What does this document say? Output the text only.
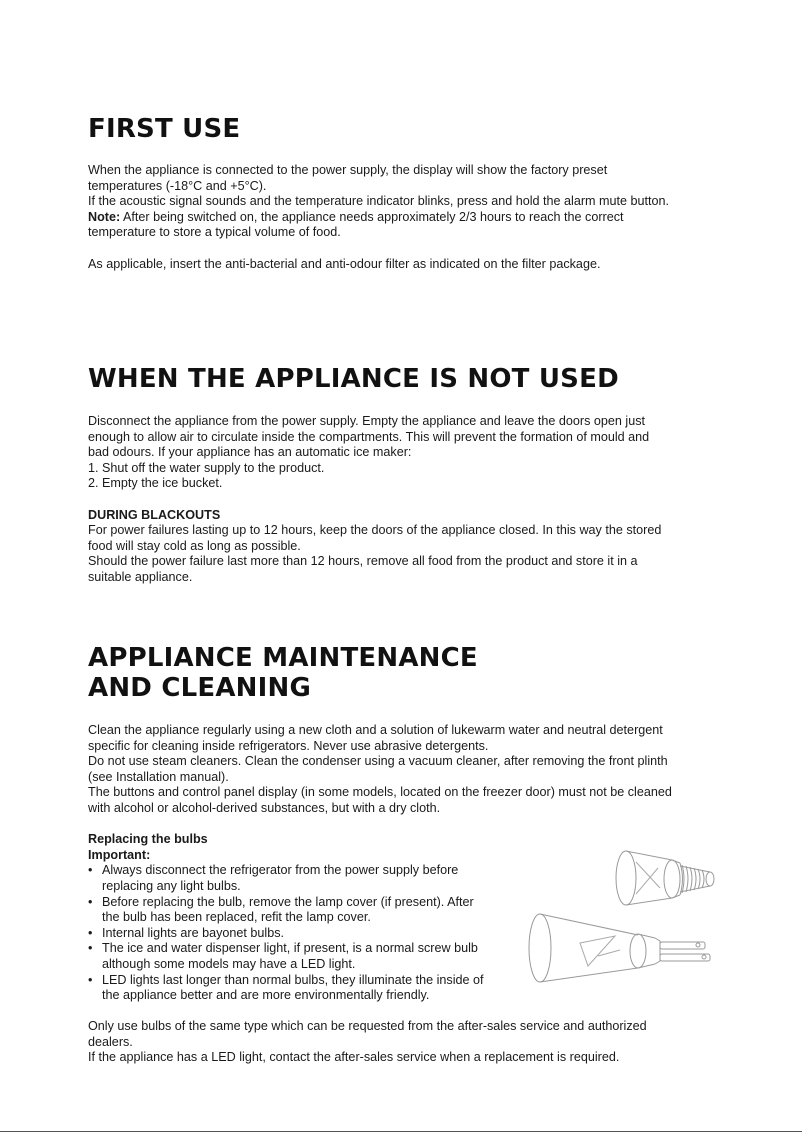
FIRST USE

When the appliance is connected to the power supply, the display will show the factory preset

temperatures (-18°C and +5°C).

If the acoustic signal sounds and the temperature indicator blinks, press and hold the alarm mute button.

Note: After being switched on, the appliance needs approximately 2/3 hours to reach the correct

temperature to store a typical volume of food.

As applicable, insert the anti-bacterial and anti-odour filter as indicated on the filter package.

WHEN THE APPLIANCE IS NOT USED

Disconnect the appliance from the power supply. Empty the appliance and leave the doors open just

enough to allow air to circulate inside the compartments. This will prevent the formation of mould and

bad odours. If your appliance has an automatic ice maker:

1. Shut off the water supply to the product.

2. Empty the ice bucket.

DURING BLACKOUTS

For power failures lasting up to 12 hours, keep the doors of the appliance closed. In this way the stored

food will stay cold as long as possible.

Should the power failure last more than 12 hours, remove all food from the product and store it in a

suitable appliance.

APPLIANCE MAINTENANCE
AND CLEANING

Clean the appliance regularly using a new cloth and a solution of lukewarm water and neutral detergent

specific for cleaning inside refrigerators. Never use abrasive detergents.

Do not use steam cleaners. Clean the condenser using a vacuum cleaner, after removing the front plinth

(see Installation manual).

The buttons and control panel display (in some models, located on the freezer door) must not be cleaned

with alcohol or alcohol-derived substances, but with a dry cloth.

Replacing the bulbs

Important:

• Always disconnect the refrigerator from the power supply before
replacing any light bulbs.
• Before replacing the bulb, remove the lamp cover (if present). After
the bulb has been replaced, refit the lamp cover.
• Internal lights are bayonet bulbs.
• The ice and water dispenser light, if present, is a normal screw bulb
although some models may have a LED light.
• LED lights last longer than normal bulbs, they illuminate the inside of
the appliance better and are more environmentally friendly.

Only use bulbs of the same type which can be requested from the after-sales service and authorized

dealers.

If the appliance has a LED light, contact the after-sales service when a replacement is required.
